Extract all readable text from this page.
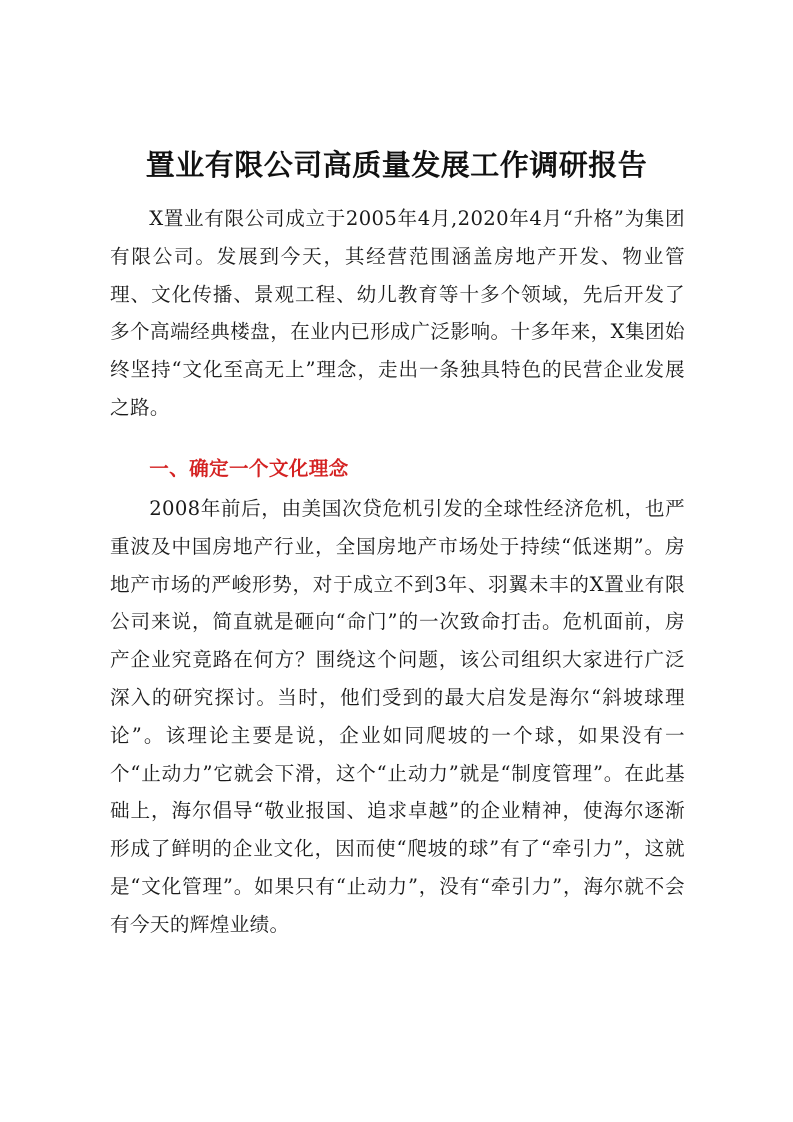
置业有限公司高质量发展工作调研报告

X置业有限公司成立于2005年4月,2020年4月“升格”为集团有限公司。发展到今天，其经营范围涵盖房地产开发、物业管理、文化传播、景观工程、幼儿教育等十多个领域，先后开发了多个高端经典楼盘，在业内已形成广泛影响。十多年来，X集团始终坚持“文化至高无上”理念，走出一条独具特色的民营企业发展之路。

一、确定一个文化理念

2008年前后，由美国次贷危机引发的全球性经济危机，也严重波及中国房地产行业，全国房地产市场处于持续“低迷期”。房地产市场的严峻形势，对于成立不到3年、羽翼未丰的X置业有限公司来说，简直就是砸向“命门”的一次致命打击。危机面前，房产企业究竟路在何方？围绕这个问题，该公司组织大家进行广泛深入的研究探讨。当时，他们受到的最大启发是海尔“斜坡球理论”。该理论主要是说，企业如同爬坡的一个球，如果没有一个“止动力”它就会下滑，这个“止动力”就是“制度管理”。在此基础上，海尔倡导“敬业报国、追求卓越”的企业精神，使海尔逐渐形成了鲜明的企业文化，因而使“爬坡的球”有了“牵引力”，这就是“文化管理”。如果只有“止动力”，没有“牵引力”，海尔就不会有今天的辉煌业绩。
